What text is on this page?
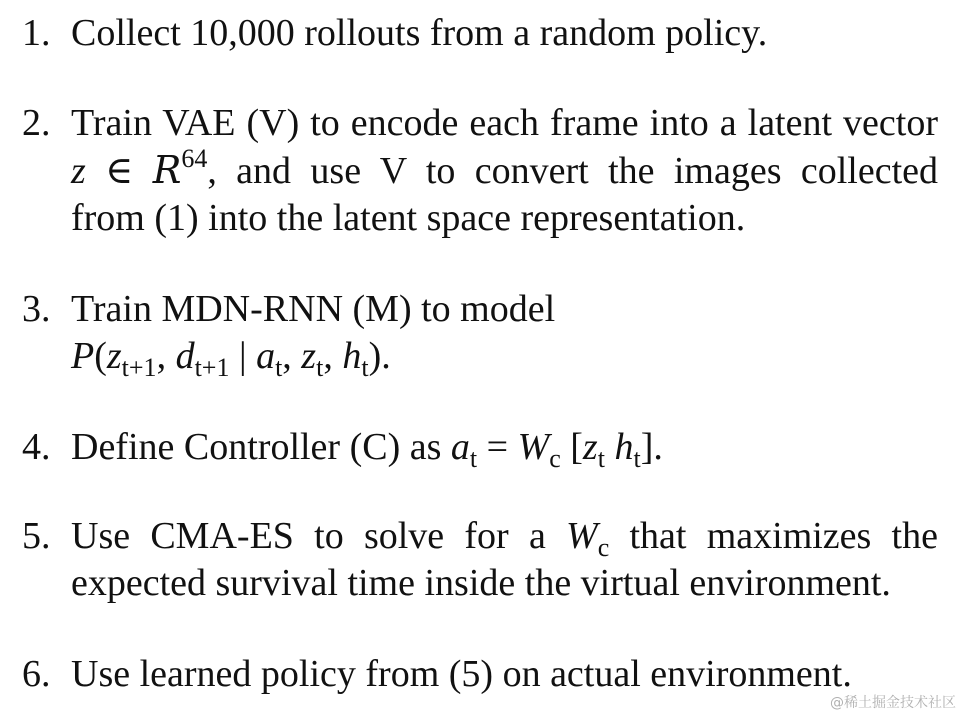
1. Collect 10,000 rollouts from a random policy.
2. Train VAE (V) to encode each frame into a latent vector
z ∈ $R^{64}$, and use V to convert the images collected
from (1) into the latent space representation.
3. Train MDN-RNN (M) to model
$P(z_{t+1}$, $d_{t+1}$ | $a_t$, $z_t$, $h_t$).
4. Define Controller (C) as $a_t = W_c$ [$z_t$ $h_t$].
5. Use CMA-ES to solve for a $W_c$ that maximizes the
expected survival time inside the virtual environment.
6. Use learned policy from (5) on actual environment.
@稀土掘金技术社区
